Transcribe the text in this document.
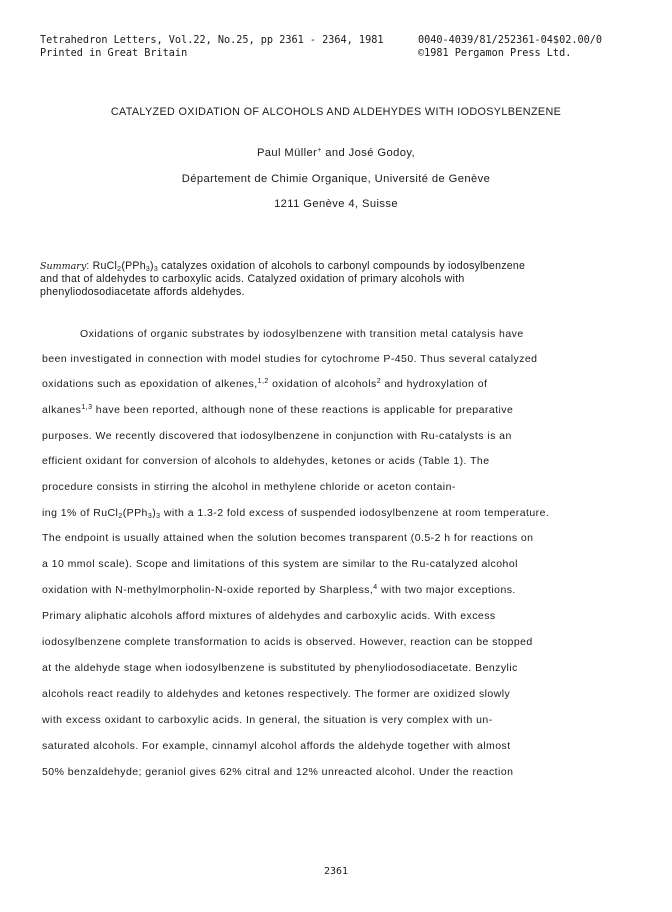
Tetrahedron Letters, Vol.22, No.25, pp 2361 - 2364, 1981
Printed in Great Britain
0040-4039/81/252361-04$02.00/0
©1981 Pergamon Press Ltd.
CATALYZED OXIDATION OF ALCOHOLS AND ALDEHYDES WITH IODOSYLBENZENE
Paul Müller+ and José Godoy,
Département de Chimie Organique, Université de Genève
1211 Genève 4, Suisse
Summary: $RuCl_2(PPh_3)_3$ catalyzes oxidation of alcohols to carbonyl compounds by iodosylbenzene
and that of aldehydes to carboxylic acids. Catalyzed oxidation of primary alcohols with
phenyliodosodiacetate affords aldehydes.
Oxidations of organic substrates by iodosylbenzene with transition metal catalysis have
been investigated in connection with model studies for cytochrome P-450. Thus several catalyzed
oxidations such as epoxidation of alkenes,$^{1,2}$ oxidation of alcohols$^2$ and hydroxylation of
alkanes$^{1,3}$ have been reported, although none of these reactions is applicable for preparative
purposes. We recently discovered that iodosylbenzene in conjunction with Ru-catalysts is an
efficient oxidant for conversion of alcohols to aldehydes, ketones or acids (Table 1). The
procedure consists in stirring the alcohol in methylene chloride or aceton contain-
ing 1% of $RuCl_2(PPh_3)_3$ with a 1.3-2 fold excess of suspended iodosylbenzene at room temperature.
The endpoint is usually attained when the solution becomes transparent (0.5-2 h for reactions on
a 10 mmol scale). Scope and limitations of this system are similar to the Ru-catalyzed alcohol
oxidation with N-methylmorpholin-N-oxide reported by Sharpless,$^4$ with two major exceptions.
Primary aliphatic alcohols afford mixtures of aldehydes and carboxylic acids. With excess
iodosylbenzene complete transformation to acids is observed. However, reaction can be stopped
at the aldehyde stage when iodosylbenzene is substituted by phenyliodosodiacetate. Benzylic
alcohols react readily to aldehydes and ketones respectively. The former are oxidized slowly
with excess oxidant to carboxylic acids. In general, the situation is very complex with un-
saturated alcohols. For example, cinnamyl alcohol affords the aldehyde together with almost
50% benzaldehyde; geraniol gives 62% citral and 12% unreacted alcohol. Under the reaction
2361
